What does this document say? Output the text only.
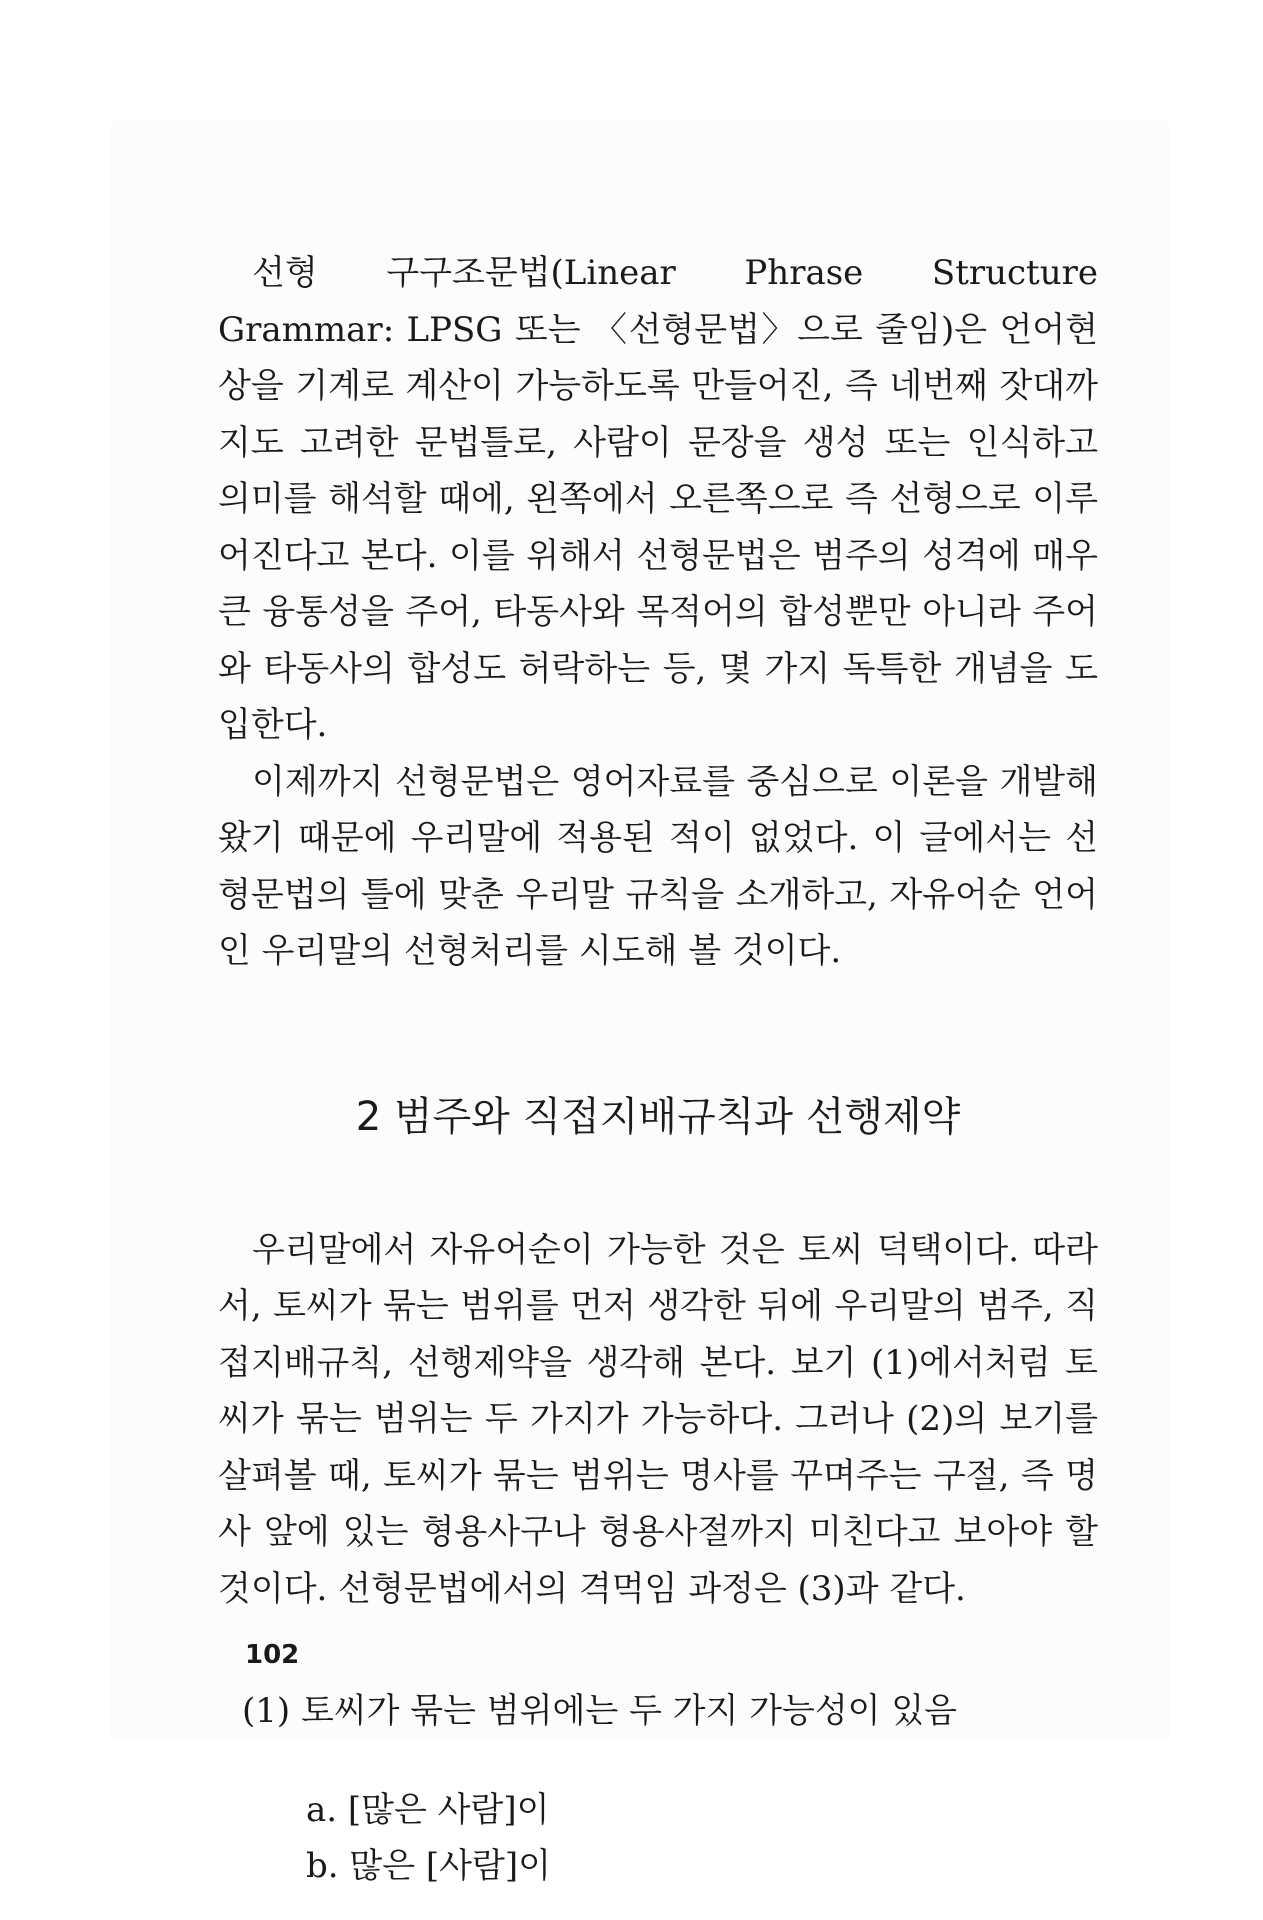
선형 구구조문법(Linear Phrase Structure Grammar: LPSG 또는 〈선형문법〉으로 줄임)은 언어현상을 기계로 계산이 가능하도록 만들어진, 즉 네번째 잣대까지도 고려한 문법틀로, 사람이 문장을 생성 또는 인식하고 의미를 해석할 때에, 왼쪽에서 오른쪽으로 즉 선형으로 이루어진다고 본다. 이를 위해서 선형문법은 범주의 성격에 매우 큰 융통성을 주어, 타동사와 목적어의 합성뿐만 아니라 주어와 타동사의 합성도 허락하는 등, 몇 가지 독특한 개념을 도입한다.

이제까지 선형문법은 영어자료를 중심으로 이론을 개발해 왔기 때문에 우리말에 적용된 적이 없었다. 이 글에서는 선형문법의 틀에 맞춘 우리말 규칙을 소개하고, 자유어순 언어인 우리말의 선형처리를 시도해 볼 것이다.

2 범주와 직접지배규칙과 선행제약

우리말에서 자유어순이 가능한 것은 토씨 덕택이다. 따라서, 토씨가 묶는 범위를 먼저 생각한 뒤에 우리말의 범주, 직접지배규칙, 선행제약을 생각해 본다. 보기 (1)에서처럼 토씨가 묶는 범위는 두 가지가 가능하다. 그러나 (2)의 보기를 살펴볼 때, 토씨가 묶는 범위는 명사를 꾸며주는 구절, 즉 명사 앞에 있는 형용사구나 형용사절까지 미친다고 보아야 할 것이다. 선형문법에서의 격먹임 과정은 (3)과 같다.

(1) 토씨가 묶는 범위에는 두 가지 가능성이 있음
a. [많은 사람]이
b. 많은 [사람]이
102
